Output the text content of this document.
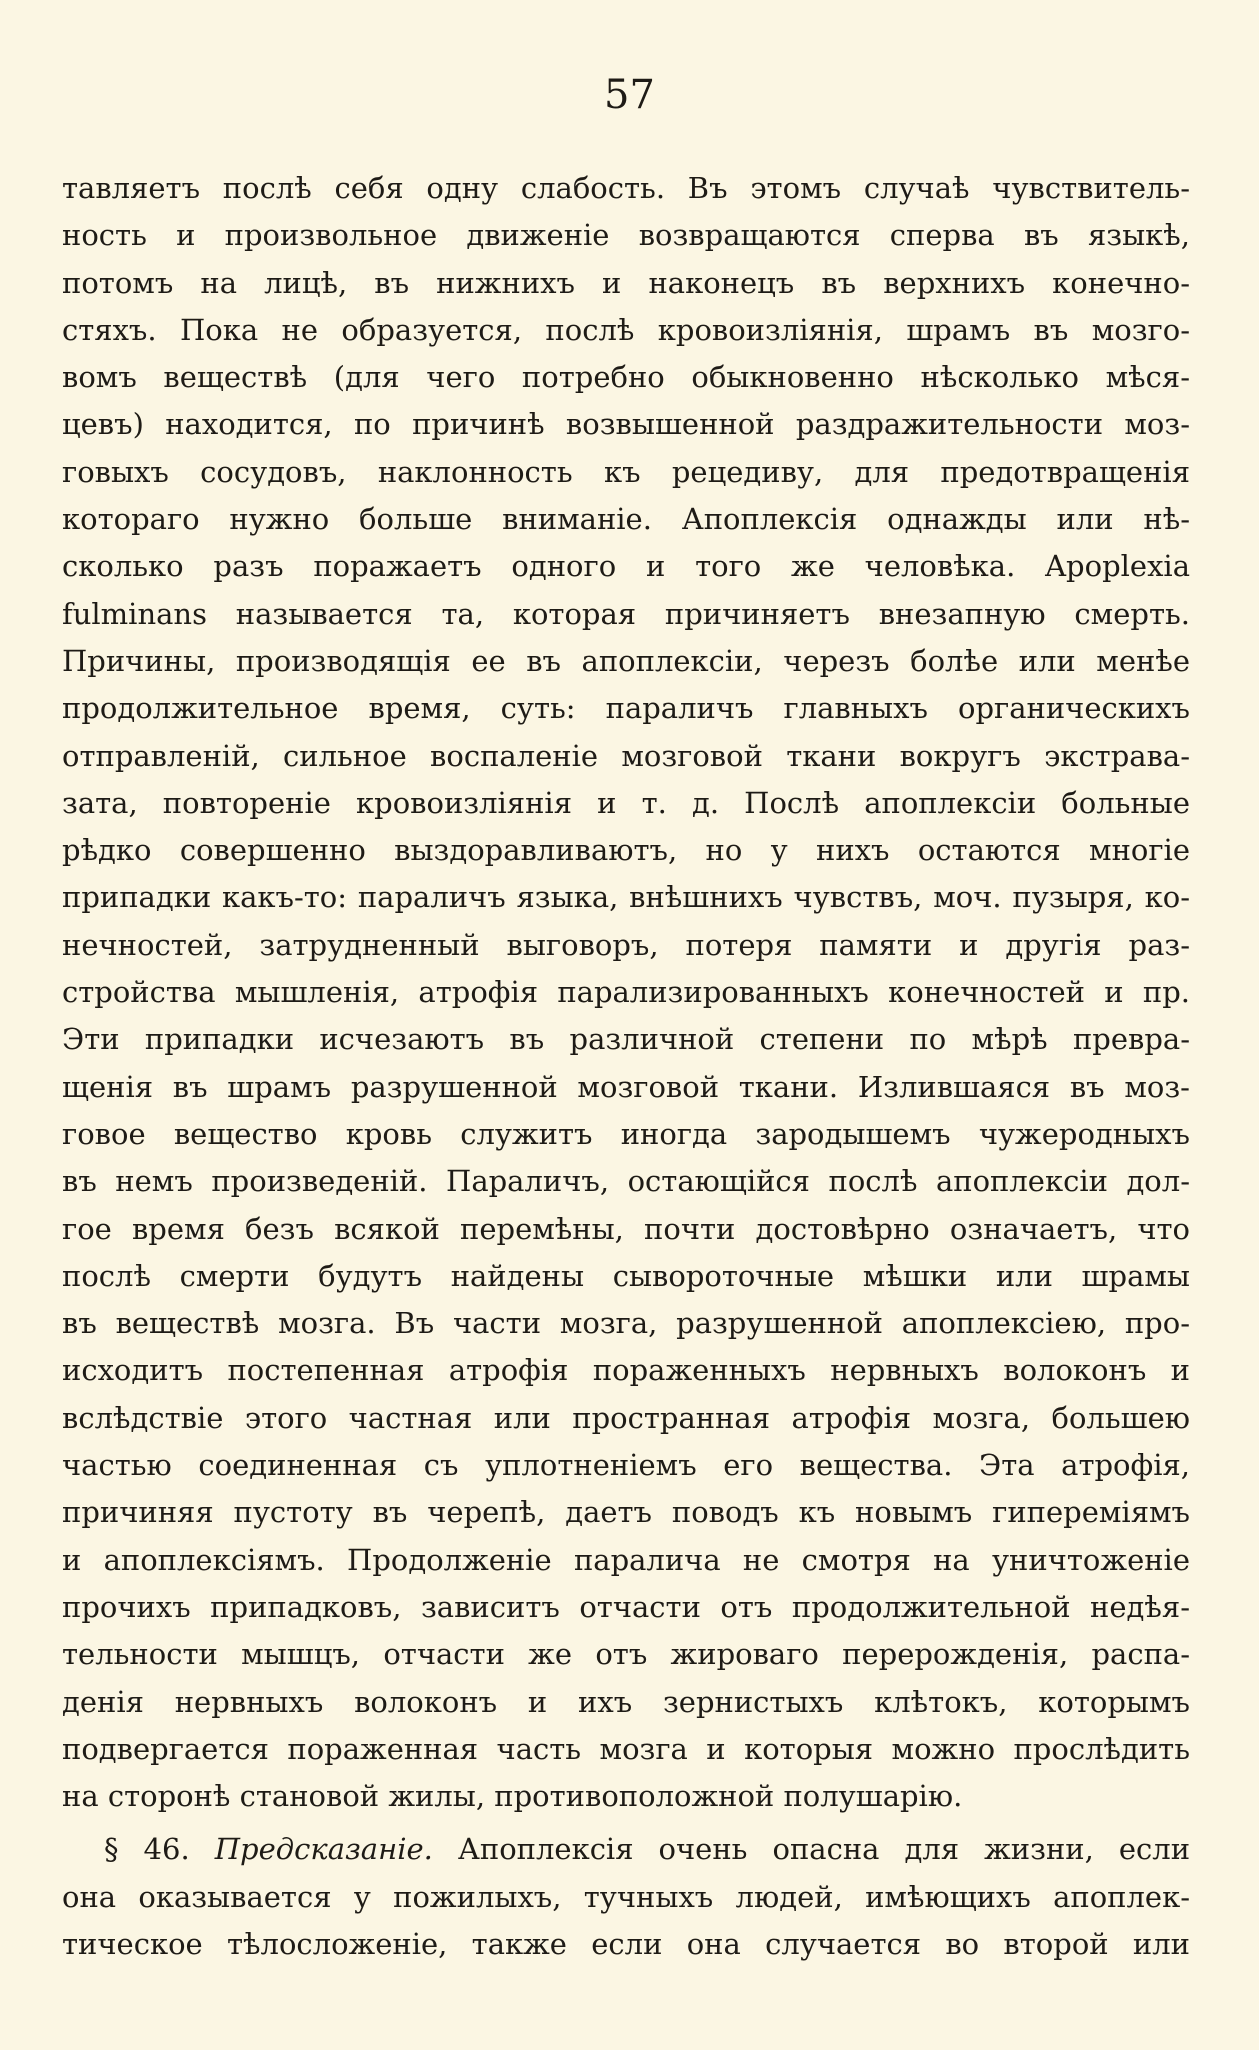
57
тавляетъ послѣ себя одну слабость. Въ этомъ случаѣ чувствитель-
ность и произвольное движенiе возвращаются сперва въ языкѣ,
потомъ на лицѣ, въ нижнихъ и наконецъ въ верхнихъ конечно-
стяхъ. Пока не образуется, послѣ кровоизлiянiя, шрамъ въ мозго-
вомъ веществѣ (для чего потребно обыкновенно нѣсколько мѣся-
цевъ) находится, по причинѣ возвышенной раздражительности моз-
говыхъ сосудовъ, наклонность къ рецедиву, для предотвращенiя
котораго нужно больше вниманiе. Апоплексiя однажды или нѣ-
сколько разъ поражаетъ одного и того же человѣка. Apoplexia
fulminans называется та, которая причиняетъ внезапную смерть.
Причины, производящiя ее въ апоплексiи, черезъ болѣе или менѣе
продолжительное время, суть: параличъ главныхъ органическихъ
отправленiй, сильное воспаленiе мозговой ткани вокругъ экстрава-
зата, повторенiе кровоизлiянiя и т. д. Послѣ апоплексiи больные
рѣдко совершенно выздоравливаютъ, но у нихъ остаются многiе
припадки какъ-то: параличъ языка, внѣшнихъ чувствъ, моч. пузыря, ко-
нечностей, затрудненный выговоръ, потеря памяти и другiя раз-
стройства мышленiя, атрофiя парализированныхъ конечностей и пр.
Эти припадки исчезаютъ въ различной степени по мѣрѣ превра-
щенiя въ шрамъ разрушенной мозговой ткани. Излившаяся въ моз-
говое вещество кровь служитъ иногда зародышемъ чужеродныхъ
въ немъ произведенiй. Параличъ, остающiйся послѣ апоплексiи дол-
гое время безъ всякой перемѣны, почти достовѣрно означаетъ, что
послѣ смерти будутъ найдены сывороточные мѣшки или шрамы
въ веществѣ мозга. Въ части мозга, разрушенной апоплексiею, про-
исходитъ постепенная атрофiя пораженныхъ нервныхъ волоконъ и
вслѣдствiе этого частная или пространная атрофiя мозга, большею
частью соединенная съ уплотненiемъ его вещества. Эта атрофiя,
причиняя пустоту въ черепѣ, даетъ поводъ къ новымъ гиперемiямъ
и апоплексiямъ. Продолженiе паралича не смотря на уничтоженiе
прочихъ припадковъ, зависитъ отчасти отъ продолжительной недѣя-
тельности мышцъ, отчасти же отъ жироваго перерожденiя, распа-
денiя нервныхъ волоконъ и ихъ зернистыхъ клѣтокъ, которымъ
подвергается пораженная часть мозга и которыя можно прослѣдить
на сторонѣ становой жилы, противоположной полушарiю.
§ 46. Предсказанiе. Апоплексiя очень опасна для жизни, если
она оказывается у пожилыхъ, тучныхъ людей, имѣющихъ апоплек-
тическое тѣлосложенiе, также если она случается во второй или
